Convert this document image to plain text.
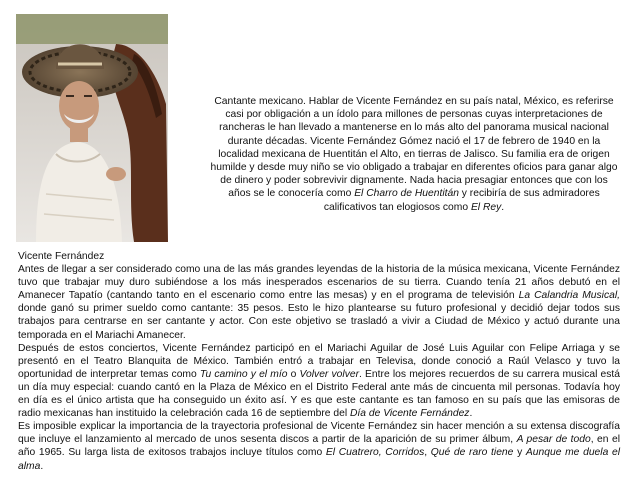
Cantante mexicano. Hablar de Vicente Fernández en su país natal, México, es referirse casi por obligación a un ídolo para millones de personas cuyas interpretaciones de rancheras le han llevado a mantenerse en lo más alto del panorama musical nacional durante décadas. Vicente Fernández Gómez nació el 17 de febrero de 1940 en la localidad mexicana de Huentitán el Alto, en tierras de Jalisco. Su familia era de origen humilde y desde muy niño se vio obligado a trabajar en diferentes oficios para ganar algo de dinero y poder sobrevivir dignamente. Nada hacia presagiar entonces que con los años se le conocería como El Charro de Huentitán y recibiría de sus admiradores calificativos tan elogiosos como El Rey.

Vicente Fernández

Antes de llegar a ser considerado como una de las más grandes leyendas de la historia de la música mexicana, Vicente Fernández tuvo que trabajar muy duro subiéndose a los más inesperados escenarios de su tierra. Cuando tenía 21 años debutó en el Amanecer Tapatío (cantando tanto en el escenario como entre las mesas) y en el programa de televisión La Calandria Musical, donde ganó su primer sueldo como cantante: 35 pesos. Esto le hizo plantearse su futuro profesional y decidió dejar todos sus trabajos para centrarse en ser cantante y actor. Con este objetivo se trasladó a vivir a Ciudad de México y actuó durante una temporada en el Mariachi Amanecer.

Después de estos conciertos, Vicente Fernández participó en el Mariachi Aguilar de José Luis Aguilar con Felipe Arriaga y se presentó en el Teatro Blanquita de México. También entró a trabajar en Televisa, donde conoció a Raúl Velasco y tuvo la oportunidad de interpretar temas como Tu camino y el mío o Volver volver. Entre los mejores recuerdos de su carrera musical está un día muy especial: cuando cantó en la Plaza de México en el Distrito Federal ante más de cincuenta mil personas. Todavía hoy en día es el único artista que ha conseguido un éxito así. Y es que este cantante es tan famoso en su país que las emisoras de radio mexicanas han instituido la celebración cada 16 de septiembre del Día de Vicente Fernández.

Es imposible explicar la importancia de la trayectoria profesional de Vicente Fernández sin hacer mención a su extensa discografía que incluye el lanzamiento al mercado de unos sesenta discos a partir de la aparición de su primer álbum, A pesar de todo, en el año 1965. Su larga lista de exitosos trabajos incluye títulos como El Cuatrero, Corridos, Qué de raro tiene y Aunque me duela el alma.
